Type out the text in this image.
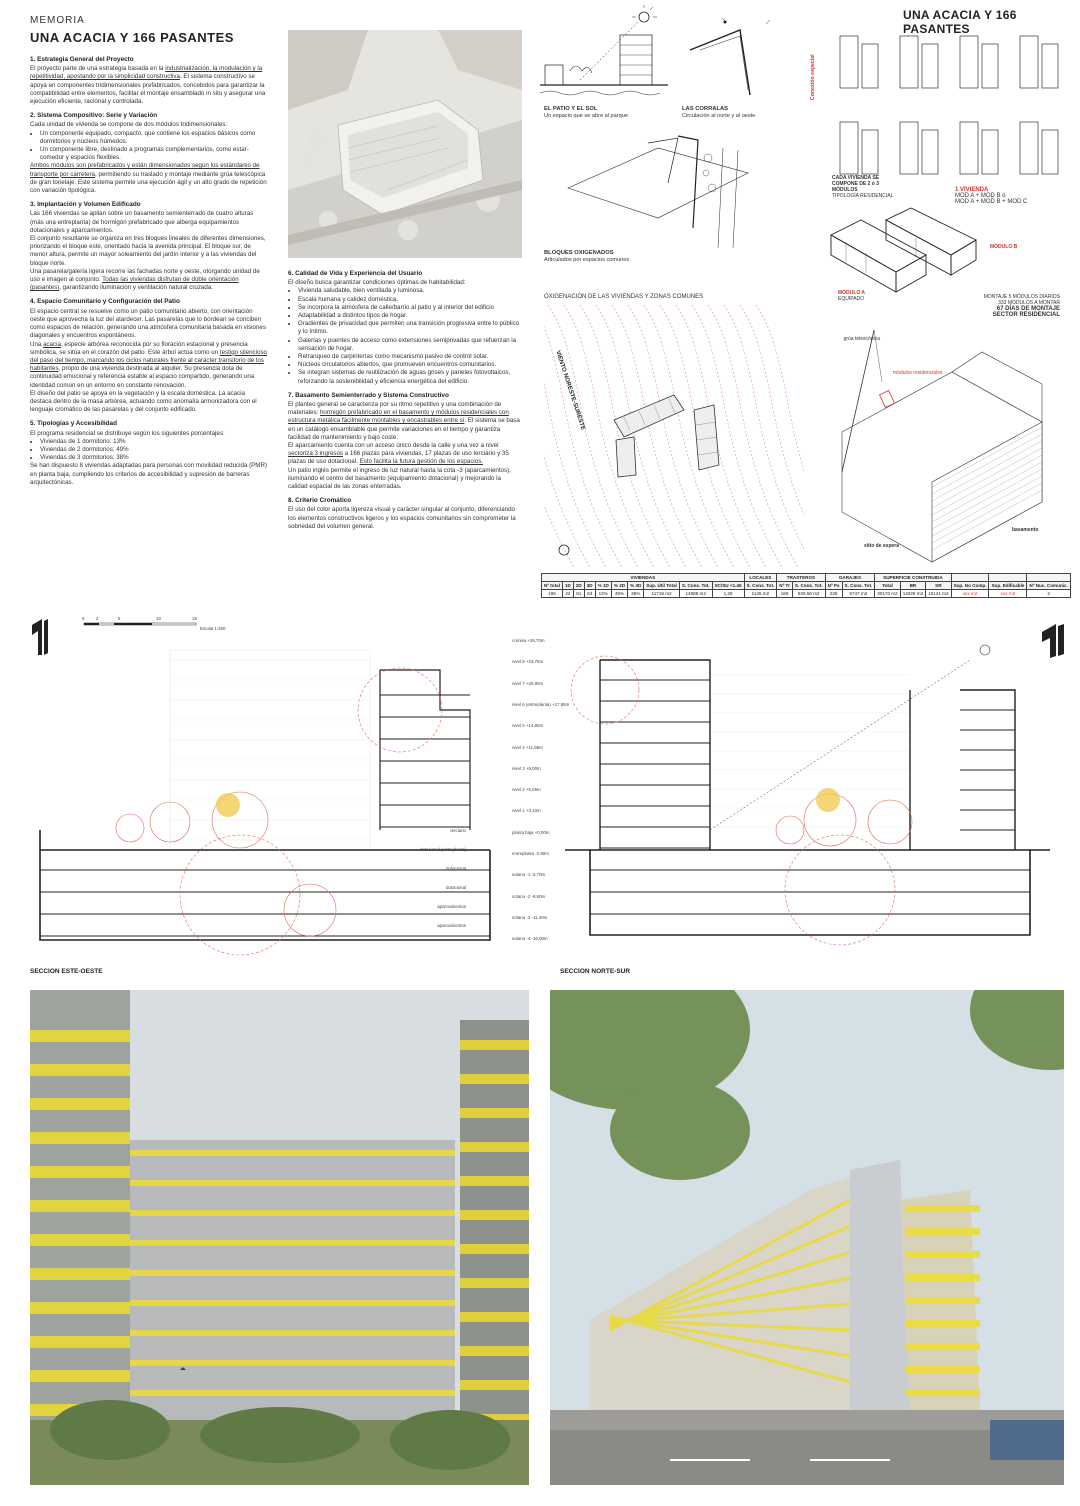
MEMORIA
UNA ACACIA Y 166 PASANTES
1. Estrategia General del Proyecto

El proyecto parte de una estrategia basada en la industrialización, la modulación y la repetitividad, apostando por la simplicidad constructiva. El sistema constructivo se apoya en componentes tridimensionales prefabricados, concebidos para garantizar la compatibilidad entre elementos, facilitar el montaje ensamblado in situ y asegurar una ejecución eficiente, racional y controlada.

2. Sistema Compositivo: Serie y Variación

Cada unidad de vivienda se compone de dos módulos tridimensionales:

• Un componente equipado, compacto, que contiene los espacios básicos como dormitorios y núcleos húmedos.
• Un componente libre, destinado a programas complementarios, como estar-comedor y espacios flexibles.

Ambos módulos son prefabricados y están dimensionados según los estándares de transporte por carretera, permitiendo su traslado y montaje mediante grúa telescópica de gran tonelaje. Este sistema permite una ejecución ágil y un alto grado de repetición con variación tipológica.

3. Implantación y Volumen Edificado

Las 166 viviendas se apilan sobre un basamento semienterrado de cuatro alturas (más una entreplanta) de hormigón prefabricado que alberga equipamientos dotacionales y aparcamientos.

El conjunto resultante se organiza en tres bloques lineales de diferentes dimensiones, priorizando el bloque este, orientado hacia la avenida principal. El bloque sur, de menor altura, permite un mayor soleamiento del jardín interior y a las viviendas del bloque norte.

Una pasarela/galería ligera recorre las fachadas norte y oeste, otorgando unidad de uso e imagen al conjunto. Todas las viviendas disfrutan de doble orientación (pasantes), garantizando iluminación y ventilación natural cruzada.

4. Espacio Comunitario y Configuración del Patio

El espacio central se resuelve como un patio comunitario abierto, con orientación oeste que aprovecha la luz del atardecer. Las pasarelas que lo bordean se conciben como espacios de relación, generando una atmósfera comunitaria basada en visiones diagonales y encuentros espontáneos.

Una acacia, especie arbórea reconocida por su floración estacional y presencia simbólica, se sitúa en el corazón del patio. Este árbol actúa como un testigo silencioso del paso del tiempo, marcando los ciclos naturales frente al carácter transitorio de los habitantes, propio de una vivienda destinada al alquiler. Su presencia dota de continuidad emocional y referencia estable al espacio compartido, generando una identidad común en un entorno en constante renovación.

El diseño del patio se apoya en la vegetación y la escala doméstica. La acacia destaca dentro de la masa arbórea, actuando como anomalía armonizadora con el lenguaje cromático de las pasarelas y del conjunto edificado.

5. Tipologías y Accesibilidad

El programa residencial se distribuye según los siguientes porcentajes:

• Viviendas de 1 dormitorio: 13%
• Viviendas de 2 dormitorios: 49%
• Viviendas de 3 dormitorios: 38%

Se han dispuesto 8 viviendas adaptadas para personas con movilidad reducida (PMR) en planta baja, cumpliendo los criterios de accesibilidad y supresión de barreras arquitectónicas.

6. Calidad de Vida y Experiencia del Usuario

El diseño busca garantizar condiciones óptimas de habitabilidad:

• Vivienda saludable, bien ventilada y luminosa.
• Escala humana y calidez doméstica.
• Se incorpora la atmósfera de calle/barrio al patio y al interior del edificio
• Adaptabilidad a distintos tipos de hogar.
• Gradientes de privacidad que permiten una transición progresiva entre lo público y lo íntimo.
• Galerías y puentes de acceso como extensiones semiprivadas que refuerzan la sensación de hogar.
• Retranqueo de carpinterías como mecanismo pasivo de control solar.
• Núcleos circulatorios abiertos, que promueven encuentros comunitarios.
• Se integran sistemas de reutilización de aguas grises y paneles fotovoltaicos, reforzando la sostenibilidad y eficiencia energética del edificio.
7. Basamento Semienterrado y Sistema Constructivo

El planteo general se caracteriza por su ritmo repetitivo y una combinación de materiales: hormigón prefabricado en el basamento y módulos residenciales con estructura metálica fácilmente montables y encastrables entre sí. El sistema se basa en un catálogo ensamblable que permite variaciones en el tiempo y garantiza facilidad de mantenimiento y bajo coste.

El aparcamiento cuenta con un acceso único desde la calle y una vez a nivel sectoriza 3 ingresos a 166 plazas para viviendas, 17 plazas de uso terciario y 35 plazas de uso dotacional. Esto facilita la futura gestión de los espacios.

Un patio inglés permite el ingreso de luz natural hasta la cota -3 (aparcamientos), iluminando el centro del basamento (equipamiento dotacional) y mejorando la calidad espacial de las zonas enterradas.

8. Criterio Cromático

El uso del color aporta ligereza visual y carácter singular al conjunto, diferenciando los elementos constructivos ligeros y los espacios comunitarios sin comprometer la sobriedad del volumen general.

EL PATIO Y EL SOL
Un espacio que se abre al parque
LAS CORRALAS
Circulación al norte y al oeste
BLOQUES OXIGENADOS
Articulados por espacios comunes
OXIGENACIÓN DE LAS VIVIENDAS Y ZONAS COMUNES
VIENTO NORESTE-SURESTE
UNA ACACIA Y 166 PASANTES
Conexión especial
CADA VIVIENDA SE COMPONE DE 2 ó 3 MÓDULOS
TIPOLOGÍA RESIDENCIAL
1 VIVIENDA
MOD A + MOD B ó
MOD A + MOD B + MOD C
MÓDULO B
MÓDULO A
EQUIPADO	MONTAJE 5 MÓDULOS DIARIOS
333 MÓDULOS A MONTAR
67 DÍAS DE MONTAJE
SECTOR RESIDENCIAL
grúa telescópica
módulos residenciales
basamento
sitio de espera
VIVIENDAS										LOCALES	TRASTEROS		GARAJES		SUPERFICIE CONSTRUIDA					
Nº total	1D	2D	3D	% 1D	% 2D	% 3D	Sup. Útil Total	S. Cons. Tot.	SC/SU <1.45	S. Cons. Tot.	Nº Tr	S. Cons. Tot.	Nº Px	S. Cons. Tot.	Total	BR	SR	Sup. No Comp.	Sup. Edificable	Nº Nuc. Comunic.
166	22	81	63	13%	49%	38%	11719 m2	14988 m2	1,28	1145 m2	166	829,50 m2	235	5747 m2	30170 m2	14029 m2	16141 m2	xxx m2	xxx m2	2
0	2	5	10	15
Escala 1:250
terciario
dotacional (entreplanta)
dotacional
dotacional
aparcamientos
aparcamientos
SECCION ESTE-OESTE
cornisa +26,70m
nivel 8 +23,75m
nivel 7 +20,80m
nivel 6 (entreplanta) +17,85m
nivel 5 +14,90m
nivel 4 +11,95m
nivel 3 +9,00m
nivel 2 +6,05m
nivel 1 +3,10m
planta baja +0,00m
entreplanta -2,90m
sotano -1 -5,70m
sotano -2 -8,60m
sotano -3 -11,40m
sotano -4 -16,00m
SECCION NORTE-SUR
